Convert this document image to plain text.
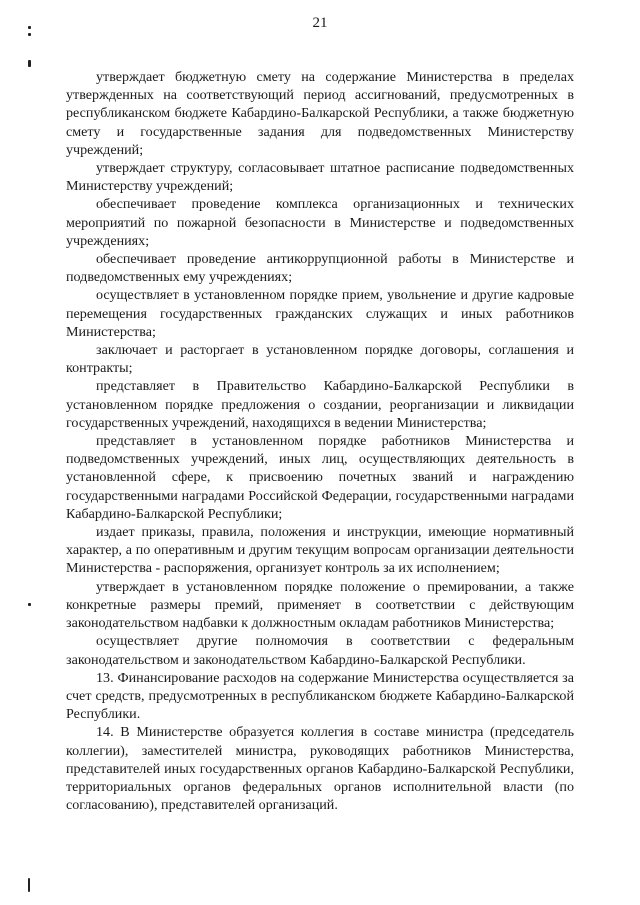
21

утверждает бюджетную смету на содержание Министерства в пределах утвержденных на соответствующий период ассигнований, предусмотренных в республиканском бюджете Кабардино-Балкарской Республики, а также бюджетную смету и государственные задания для подведомственных Министерству учреждений;

утверждает структуру, согласовывает штатное расписание подведомственных Министерству учреждений;

обеспечивает проведение комплекса организационных и технических мероприятий по пожарной безопасности в Министерстве и подведомственных учреждениях;

обеспечивает проведение антикоррупционной работы в Министерстве и подведомственных ему учреждениях;

осуществляет в установленном порядке прием, увольнение и другие кадровые перемещения государственных гражданских служащих и иных работников Министерства;

заключает и расторгает в установленном порядке договоры, соглашения и контракты;

представляет в Правительство Кабардино-Балкарской Республики в установленном порядке предложения о создании, реорганизации и ликвидации государственных учреждений, находящихся в ведении Министерства;

представляет в установленном порядке работников Министерства и подведомственных учреждений, иных лиц, осуществляющих деятельность в установленной сфере, к присвоению почетных званий и награждению государственными наградами Российской Федерации, государственными наградами Кабардино-Балкарской Республики;

издает приказы, правила, положения и инструкции, имеющие нормативный характер, а по оперативным и другим текущим вопросам организации деятельности Министерства - распоряжения, организует контроль за их исполнением;

утверждает в установленном порядке положение о премировании, а также конкретные размеры премий, применяет в соответствии с действующим законодательством надбавки к должностным окладам работников Министерства;

осуществляет другие полномочия в соответствии с федеральным законодательством и законодательством Кабардино-Балкарской Республики.

13. Финансирование расходов на содержание Министерства осуществляется за счет средств, предусмотренных в республиканском бюджете Кабардино-Балкарской Республики.

14. В Министерстве образуется коллегия в составе министра (председатель коллегии), заместителей министра, руководящих работников Министерства, представителей иных государственных органов Кабардино-Балкарской Республики, территориальных органов федеральных органов исполнительной власти (по согласованию), представителей организаций.
